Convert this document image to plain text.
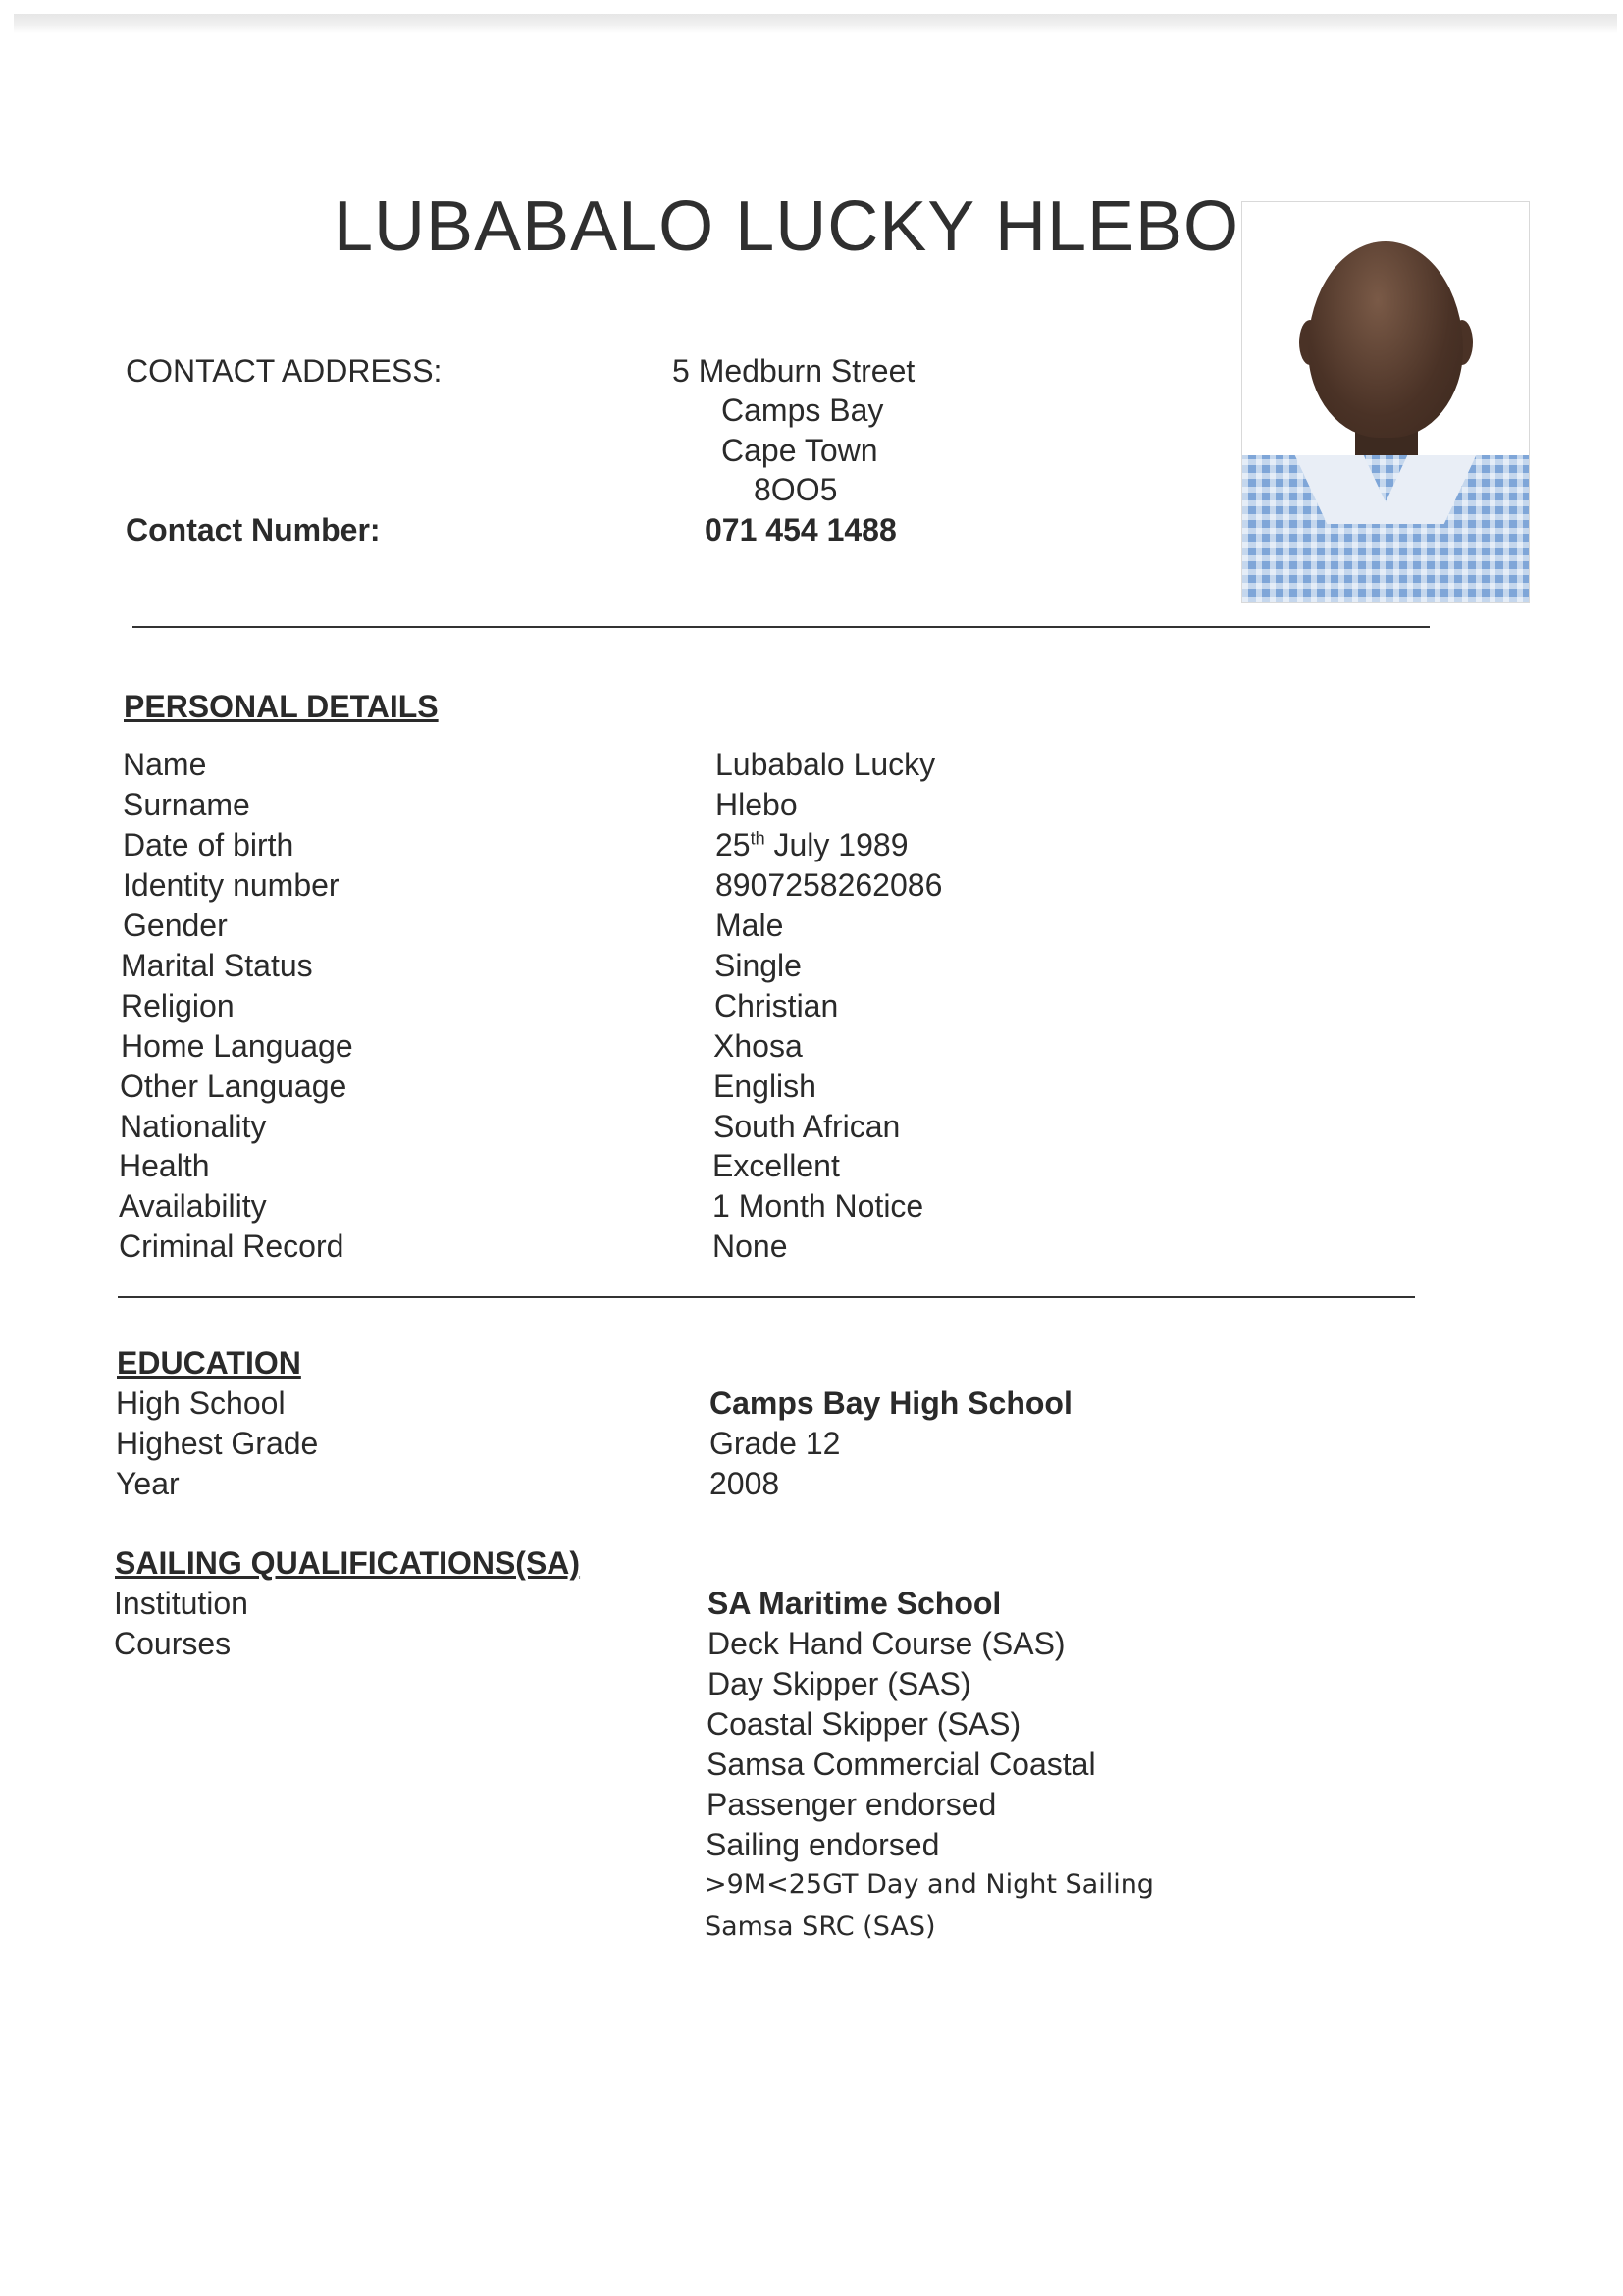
LUBABALO LUCKY HLEBO
CONTACT ADDRESS:	5 Medburn Street
Camps Bay
Cape Town
8OO5
Contact Number:	071 454 1488
PERSONAL DETAILS
Name	Lubabalo Lucky
Surname	Hlebo
Date of birth	25th July 1989
Identity number	8907258262086
Gender	Male
Marital Status	Single
Religion	Christian
Home Language	Xhosa
Other Language	English
Nationality	South African
Health	Excellent
Availability	1 Month Notice
Criminal Record	None
EDUCATION
High School	Camps Bay High School
Highest Grade	Grade 12
Year	2008
SAILING QUALIFICATIONS(SA)
Institution	SA Maritime School
Courses	Deck Hand Course (SAS)
Day Skipper (SAS)
Coastal Skipper (SAS)
Samsa Commercial Coastal
Passenger endorsed
Sailing endorsed
>9M<25GT Day and Night Sailing
Samsa SRC (SAS)
